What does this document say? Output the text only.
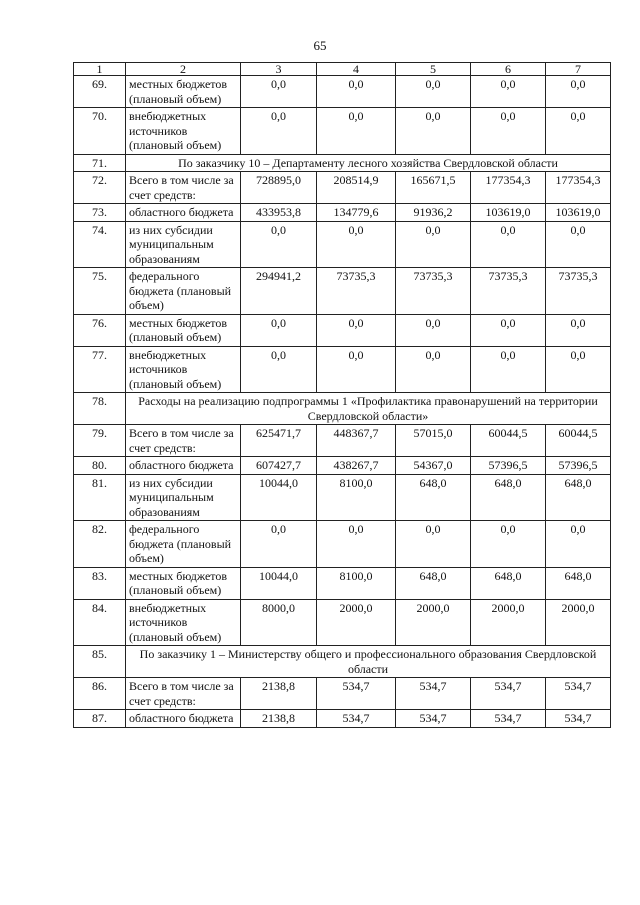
65
1	2	3	4	5	6	7
69.	местных бюджетов (плановый объем)	0,0	0,0	0,0	0,0	0,0
70.	внебюджетных источников (плановый объем)	0,0	0,0	0,0	0,0	0,0
71.	По заказчику 10 – Департаменту лесного хозяйства Свердловской области					
72.	Всего в том числе за счет средств:	728895,0	208514,9	165671,5	177354,3	177354,3
73.	областного бюджета	433953,8	134779,6	91936,2	103619,0	103619,0
74.	из них субсидии муниципальным образованиям	0,0	0,0	0,0	0,0	0,0
75.	федерального бюджета (плановый объем)	294941,2	73735,3	73735,3	73735,3	73735,3
76.	местных бюджетов (плановый объем)	0,0	0,0	0,0	0,0	0,0
77.	внебюджетных источников (плановый объем)	0,0	0,0	0,0	0,0	0,0
78.	Расходы на реализацию подпрограммы 1 «Профилактика правонарушений на территории Свердловской области»					
79.	Всего в том числе за счет средств:	625471,7	448367,7	57015,0	60044,5	60044,5
80.	областного бюджета	607427,7	438267,7	54367,0	57396,5	57396,5
81.	из них субсидии муниципальным образованиям	10044,0	8100,0	648,0	648,0	648,0
82.	федерального бюджета (плановый объем)	0,0	0,0	0,0	0,0	0,0
83.	местных бюджетов (плановый объем)	10044,0	8100,0	648,0	648,0	648,0
84.	внебюджетных источников (плановый объем)	8000,0	2000,0	2000,0	2000,0	2000,0
85.	По заказчику 1 – Министерству общего и профессионального образования Свердловской области					
86.	Всего в том числе за счет средств:	2138,8	534,7	534,7	534,7	534,7
87.	областного бюджета	2138,8	534,7	534,7	534,7	534,7
